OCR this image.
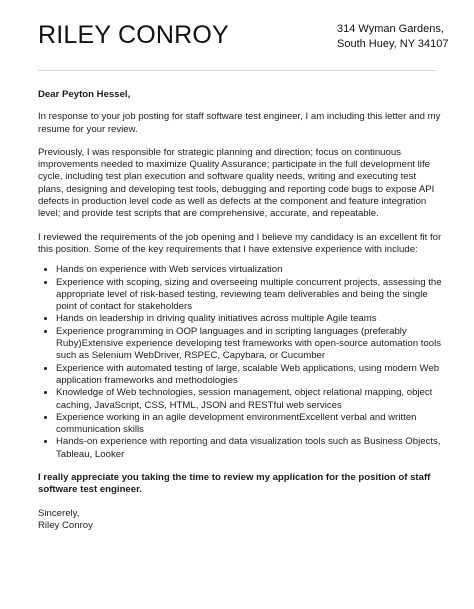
RILEY CONROY	314 Wyman Gardens,
South Huey, NY 34107

Dear Peyton Hessel,

In response to your job posting for staff software test engineer, I am including this letter and my resume for your review.

Previously, I was responsible for strategic planning and direction; focus on continuous improvements needed to maximize Quality Assurance; participate in the full development life cycle, including test plan execution and software quality needs, writing and executing test plans, designing and developing test tools, debugging and reporting code bugs to expose API defects in production level code as well as defects at the component and feature integration level; and provide test scripts that are comprehensive, accurate, and repeatable.

I reviewed the requirements of the job opening and I believe my candidacy is an excellent fit for this position. Some of the key requirements that I have extensive experience with include:

• Hands on experience with Web services virtualization
• Experience with scoping, sizing and overseeing multiple concurrent projects, assessing the appropriate level of risk-based testing, reviewing team deliverables and being the single point of contact for stakeholders
• Hands on leadership in driving quality initiatives across multiple Agile teams
• Experience programming in OOP languages and in scripting languages (preferably Ruby)Extensive experience developing test frameworks with open-source automation tools such as Selenium WebDriver, RSPEC, Capybara, or Cucumber
• Experience with automated testing of large, scalable Web applications, using modern Web application frameworks and methodologies
• Knowledge of Web technologies, session management, object relational mapping, object caching, JavaScript, CSS, HTML, JSON and RESTful web services
• Experience working in an agile development environmentExcellent verbal and written communication skills
• Hands-on experience with reporting and data visualization tools such as Business Objects, Tableau, Looker

I really appreciate you taking the time to review my application for the position of staff software test engineer.

Sincerely,

Riley Conroy
